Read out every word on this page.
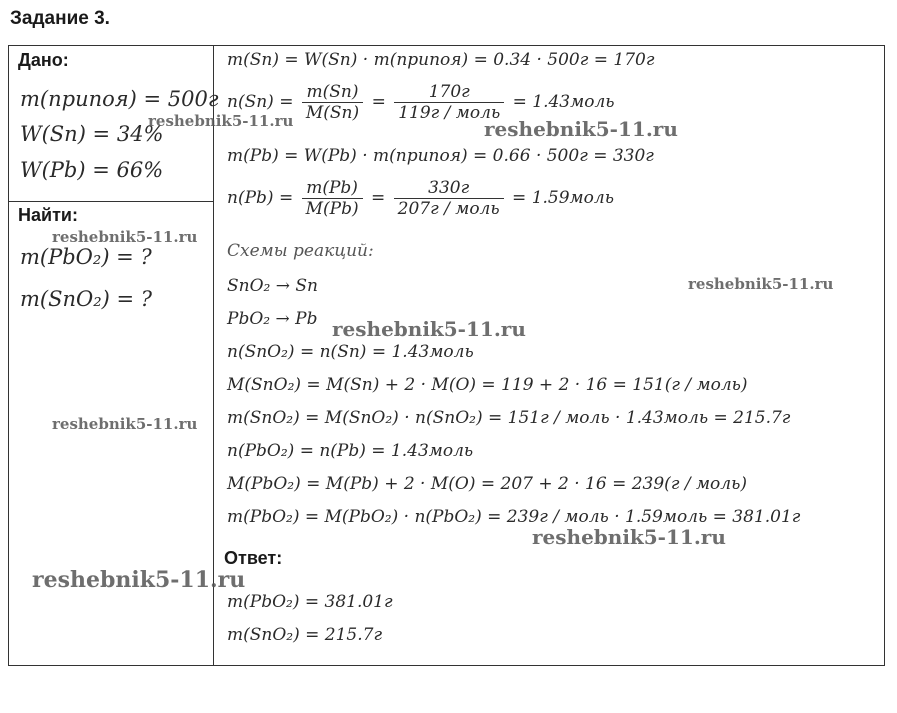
Задание 3.
Дано:
m(припоя) = 500г
W(Sn) = 34%
W(Pb) = 66%
Найти:
m(PbO₂) = ?
m(SnO₂) = ?
m(Sn) = W(Sn) · m(припоя) = 0.34 · 500г = 170г
$n(Sn) = \frac{m(Sn)}{M(Sn)} = \frac{170г}{\text{119г / моль}}$ = 1.43моль
m(Pb) = W(Pb) · m(припоя) = 0.66 · 500г = 330г
$n(Pb) = \frac{m(Pb)}{M(Pb)} = \frac{330г}{\text{207г / моль}}$ = 1.59моль
Схемы реакций:
SnO₂ → Sn
PbO₂ → Pb
n(SnO₂) = n(Sn) = 1.43моль
M(SnO₂) = M(Sn) + 2 · M(O) = 119 + 2 · 16 = 151(г / моль)
m(SnO₂) = M(SnO₂) · n(SnO₂) = 151г / моль · 1.43моль = 215.7г
n(PbO₂) = n(Pb) = 1.43моль
M(PbO₂) = M(Pb) + 2 · M(O) = 207 + 2 · 16 = 239(г / моль)
m(PbO₂) = M(PbO₂) · n(PbO₂) = 239г / моль · 1.59моль = 381.01г
Ответ:
m(PbO₂) = 381.01г
m(SnO₂) = 215.7г
reshebnik5-11.ru	reshebnik5-11.ru
reshebnik5-11.ru
reshebnik5-11.ru
reshebnik5-11.ru
reshebnik5-11.ru
reshebnik5-11.ru
reshebnik5-11.ru
